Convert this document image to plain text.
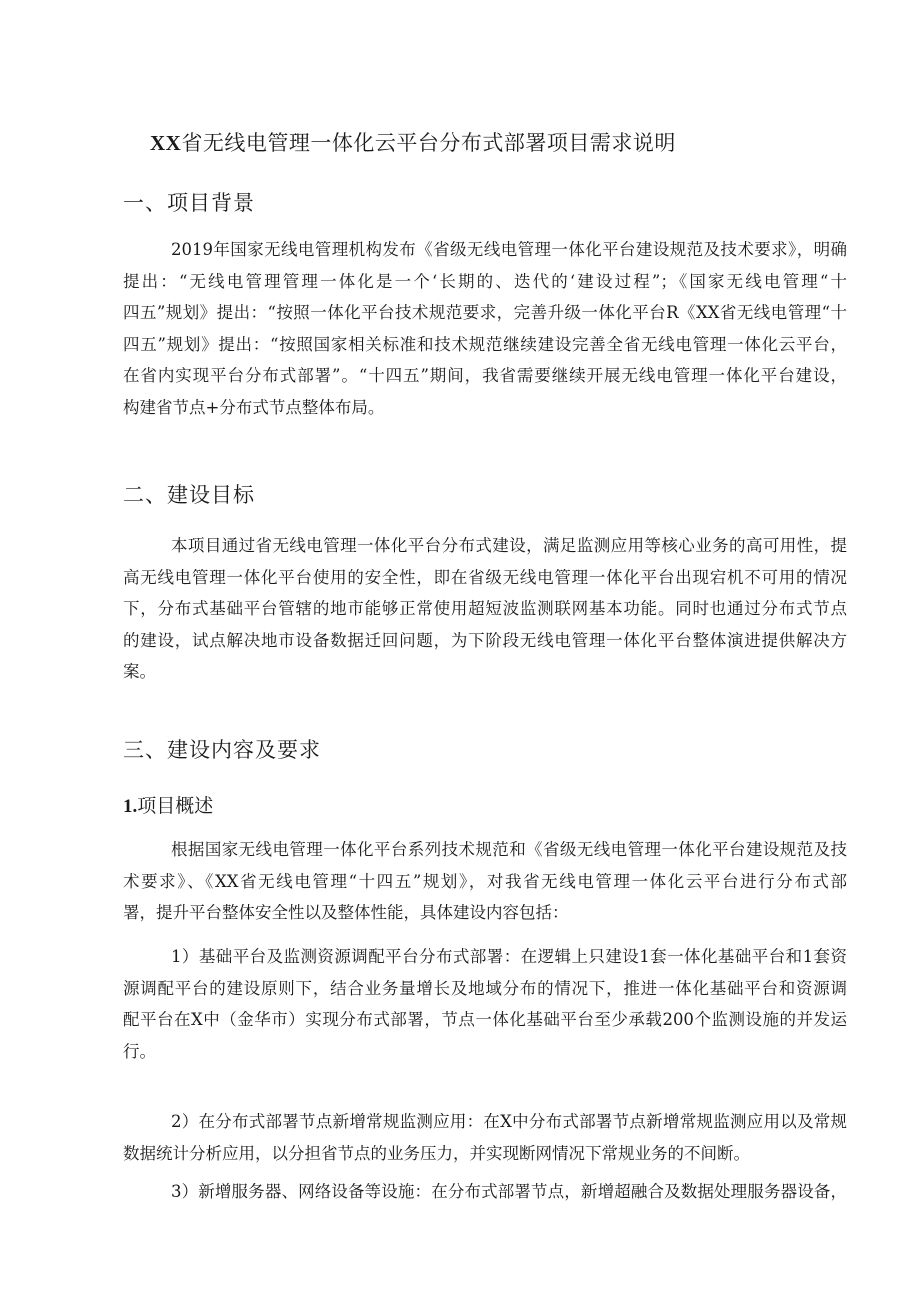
XX省无线电管理一体化云平台分布式部署项目需求说明
一、项目背景
2019年国家无线电管理机构发布《省级无线电管理一体化平台建设规范及技术要求》，明确
提出：“无线电管理管理一体化是一个‘长期的、迭代的‘建设过程”；《国家无线电管理“十
四五”规划》提出：“按照一体化平台技术规范要求，完善升级一体化平台R《XX省无线电管理“十
四五”规划》提出：“按照国家相关标准和技术规范继续建设完善全省无线电管理一体化云平台，
在省内实现平台分布式部署”。“十四五”期间，我省需要继续开展无线电管理一体化平台建设，
构建省节点+分布式节点整体布局。
二、建设目标
本项目通过省无线电管理一体化平台分布式建设，满足监测应用等核心业务的高可用性，提
高无线电管理一体化平台使用的安全性，即在省级无线电管理一体化平台出现宕机不可用的情况
下，分布式基础平台管辖的地市能够正常使用超短波监测联网基本功能。同时也通过分布式节点
的建设，试点解决地市设备数据迁回问题，为下阶段无线电管理一体化平台整体演进提供解决方
案。
三、建设内容及要求
1.项目概述
根据国家无线电管理一体化平台系列技术规范和《省级无线电管理一体化平台建设规范及技
术要求》、《XX省无线电管理“十四五”规划》，对我省无线电管理一体化云平台进行分布式部
署，提升平台整体安全性以及整体性能，具体建设内容包括：
1）基础平台及监测资源调配平台分布式部署：在逻辑上只建设1套一体化基础平台和1套资
源调配平台的建设原则下，结合业务量增长及地域分布的情况下，推进一体化基础平台和资源调
配平台在X中（金华市）实现分布式部署，节点一体化基础平台至少承载200个监测设施的并发运
行。
2）在分布式部署节点新增常规监测应用：在X中分布式部署节点新增常规监测应用以及常规
数据统计分析应用，以分担省节点的业务压力，并实现断网情况下常规业务的不间断。
3）新增服务器、网络设备等设施：在分布式部署节点，新增超融合及数据处理服务器设备，
